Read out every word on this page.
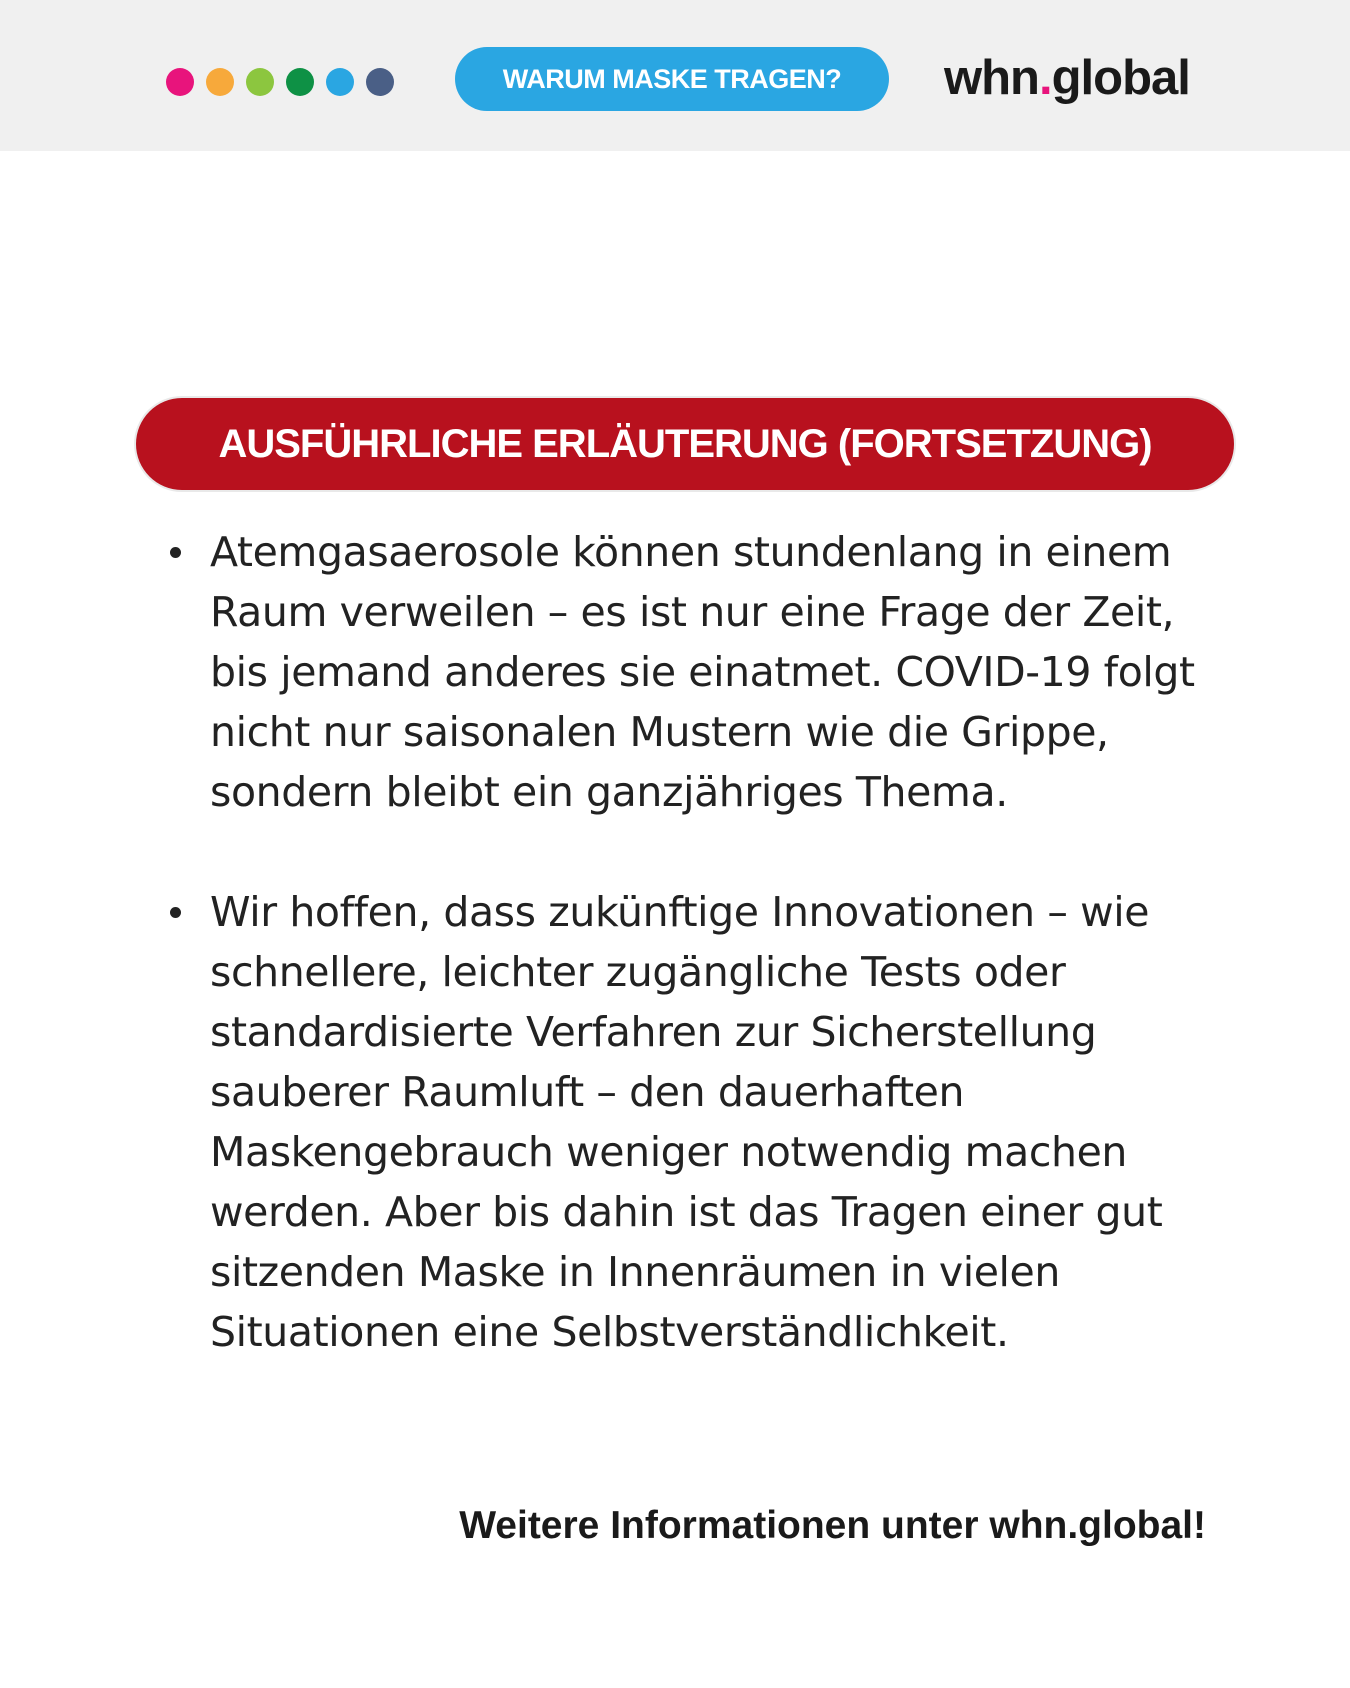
WARUM MASKE TRAGEN?	whn.global
AUSFÜHRLICHE ERLÄUTERUNG (FORTSETZUNG)
Atemgasaerosole können stundenlang in einem Raum verweilen – es ist nur eine Frage der Zeit, bis jemand anderes sie einatmet. COVID-19 folgt nicht nur saisonalen Mustern wie die Grippe, sondern bleibt ein ganzjähriges Thema.
Wir hoffen, dass zukünftige Innovationen – wie schnellere, leichter zugängliche Tests oder standardisierte Verfahren zur Sicherstellung sauberer Raumluft – den dauerhaften Maskengebrauch weniger notwendig machen werden. Aber bis dahin ist das Tragen einer gut sitzenden Maske in Innenräumen in vielen Situationen eine Selbstverständlichkeit.
Weitere Informationen unter whn.global!
